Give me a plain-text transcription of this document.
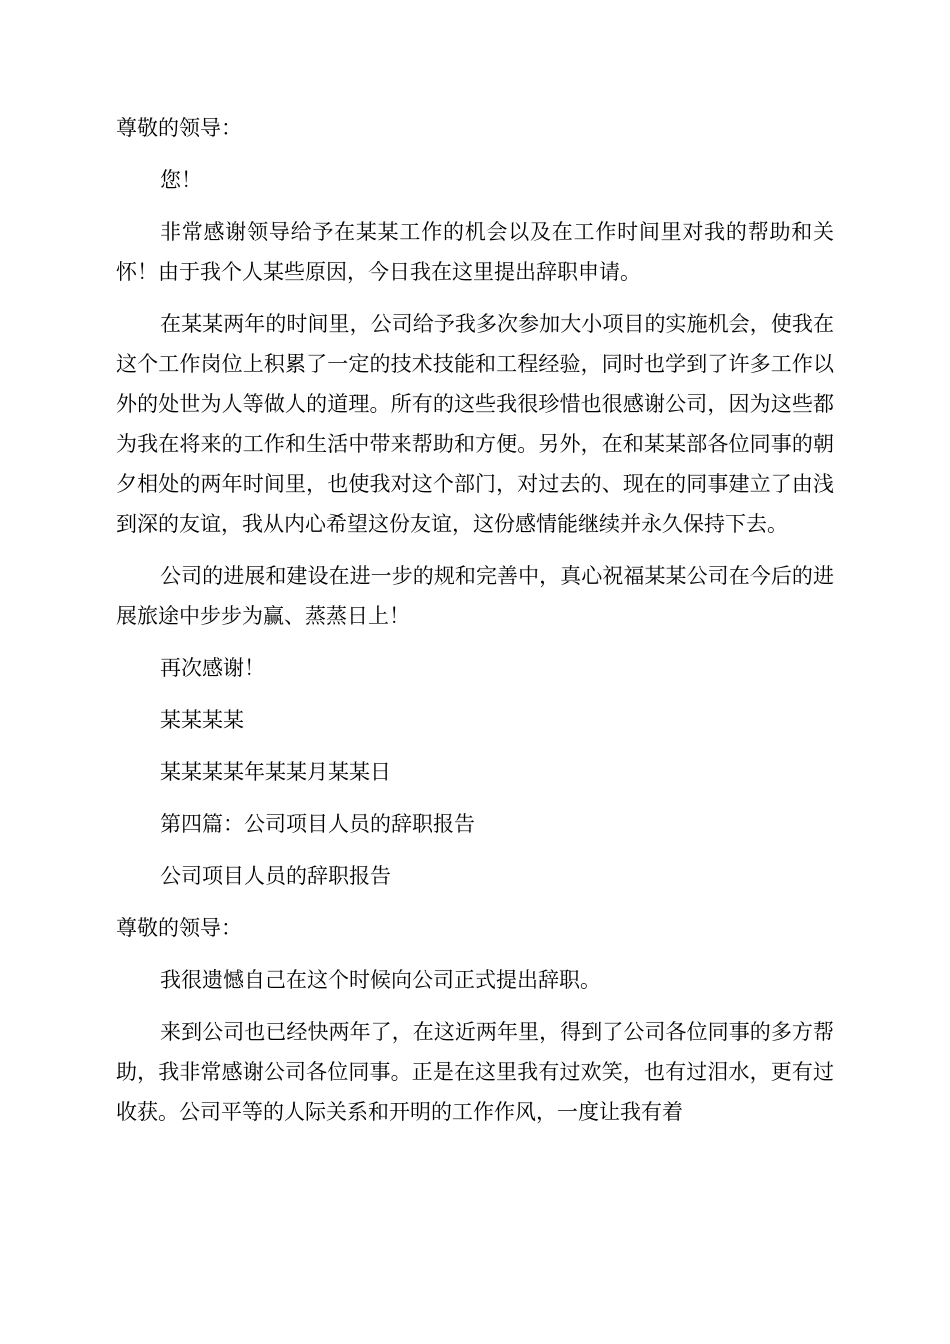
尊敬的领导：

您！

非常感谢领导给予在某某工作的机会以及在工作时间里对我的帮助和关怀！由于我个人某些原因，今日我在这里提出辞职申请。

在某某两年的时间里，公司给予我多次参加大小项目的实施机会，使我在这个工作岗位上积累了一定的技术技能和工程经验，同时也学到了许多工作以外的处世为人等做人的道理。所有的这些我很珍惜也很感谢公司，因为这些都为我在将来的工作和生活中带来帮助和方便。另外，在和某某部各位同事的朝夕相处的两年时间里，也使我对这个部门，对过去的、现在的同事建立了由浅到深的友谊，我从内心希望这份友谊，这份感情能继续并永久保持下去。

公司的进展和建设在进一步的规和完善中，真心祝福某某公司在今后的进展旅途中步步为赢、蒸蒸日上！

再次感谢！

某某某某

某某某某年某某月某某日

第四篇：公司项目人员的辞职报告

公司项目人员的辞职报告

尊敬的领导：

我很遗憾自己在这个时候向公司正式提出辞职。

来到公司也已经快两年了，在这近两年里，得到了公司各位同事的多方帮助，我非常感谢公司各位同事。正是在这里我有过欢笑，也有过泪水，更有过收获。公司平等的人际关系和开明的工作作风，一度让我有着
